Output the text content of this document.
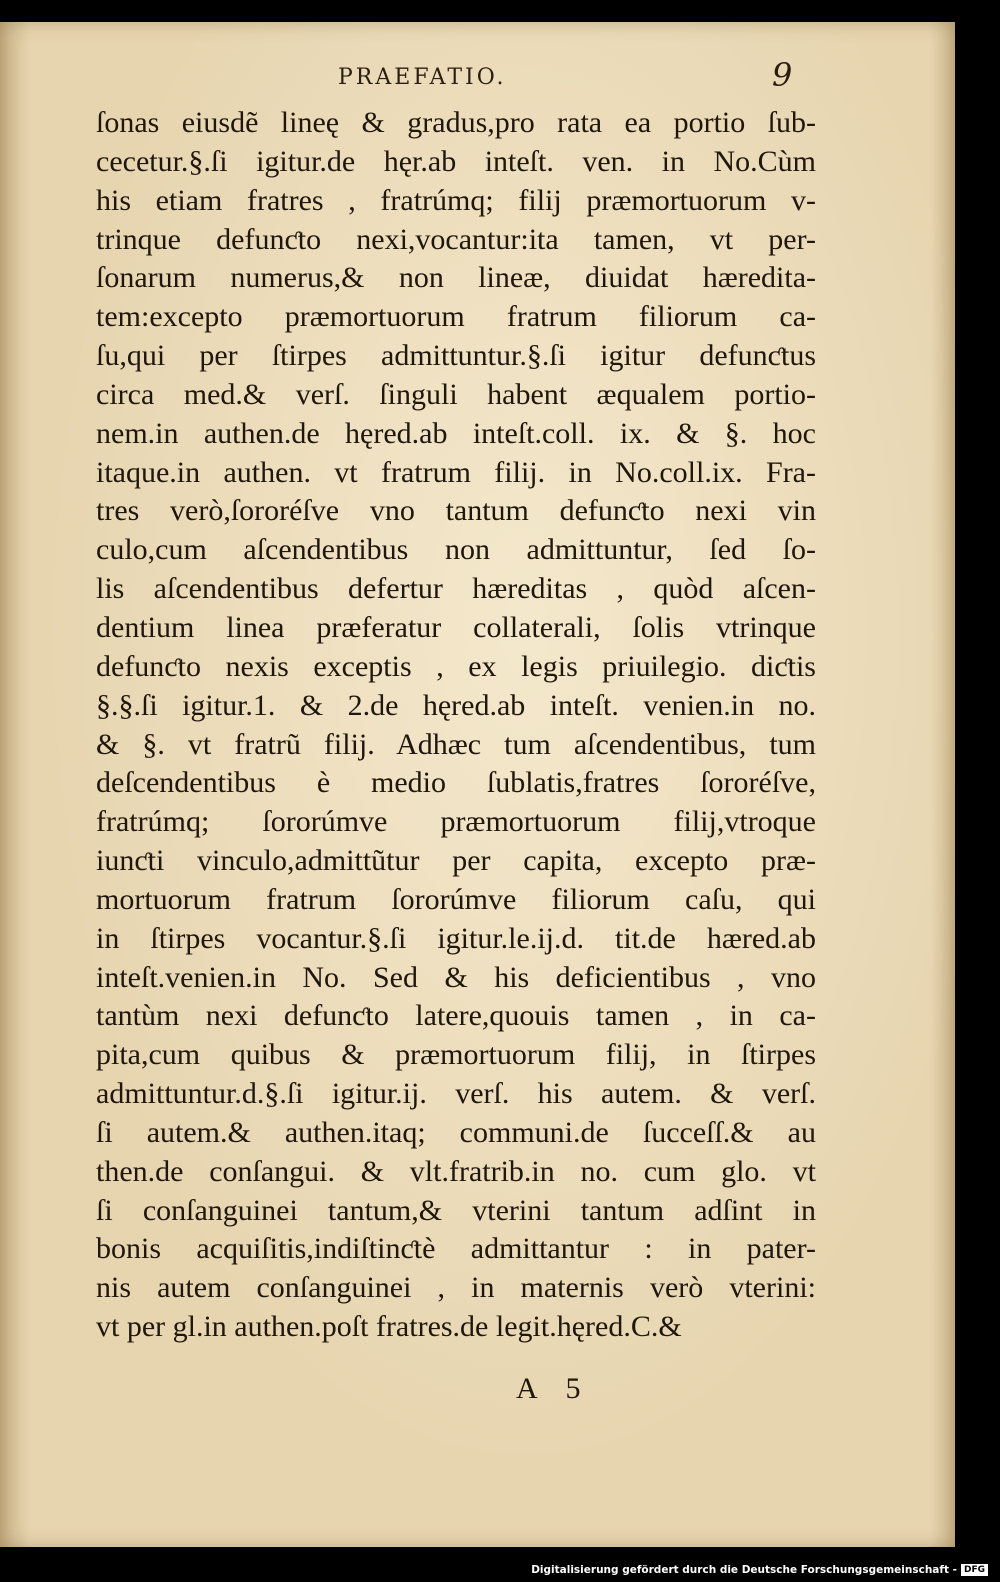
PRAEFATIO.	9
ſonas eiusdẽ lineę & gradus,pro rata ea portio ſub-
cecetur.§.ſi igitur.de hęr.ab inteſt. ven. in No.Cùm
his etiam fratres , fratrúmq; filij præmortuorum v-
trinque defunƈto nexi,vocantur:ita tamen, vt per-
ſonarum numerus,& non lineæ, diuidat hæredita-
tem:excepto præmortuorum fratrum filiorum ca-
ſu,qui per ſtirpes admittuntur.§.ſi igitur defunƈtus
circa med.& verſ. ſinguli habent æqualem portio-
nem.in authen.de hęred.ab inteſt.coll. ix. & §. hoc
itaque.in authen. vt fratrum filij. in No.coll.ix. Fra-
tres verò,ſororéſve vno tantum defunƈto nexi vin
culo,cum aſcendentibus non admittuntur, ſed ſo-
lis aſcendentibus defertur hæreditas , quòd aſcen-
dentium linea præferatur collaterali, ſolis vtrinque
defunƈto nexis exceptis , ex legis priuilegio. diƈtis
§.§.ſi igitur.1. & 2.de hęred.ab inteſt. venien.in no.
& §. vt fratrũ filij. Adhæc tum aſcendentibus, tum
deſcendentibus è medio ſublatis,fratres ſororéſve,
fratrúmq; ſororúmve præmortuorum filij,vtroque
iunƈti vinculo,admittũtur per capita, excepto præ-
mortuorum fratrum ſororúmve filiorum caſu, qui
in ſtirpes vocantur.§.ſi igitur.le.ij.d. tit.de hæred.ab
inteſt.venien.in No. Sed & his deficientibus , vno
tantùm nexi defunƈto latere,quouis tamen , in ca-
pita,cum quibus & præmortuorum filij, in ſtirpes
admittuntur.d.§.ſi igitur.ij. verſ. his autem. & verſ.
ſi autem.& authen.itaq; communi.de ſucceſſ.& au
then.de conſangui. & vlt.fratrib.in no. cum glo. vt
ſi conſanguinei tantum,& vterini tantum adſint in
bonis acquiſitis,indiſtinƈtè admittantur : in pater-
nis autem conſanguinei , in maternis verò vterini:
vt per gl.in authen.poſt fratres.de legit.hęred.C.&
A 5
Digitalisierung gefördert durch die Deutsche Forschungsgemeinschaft - DFG
